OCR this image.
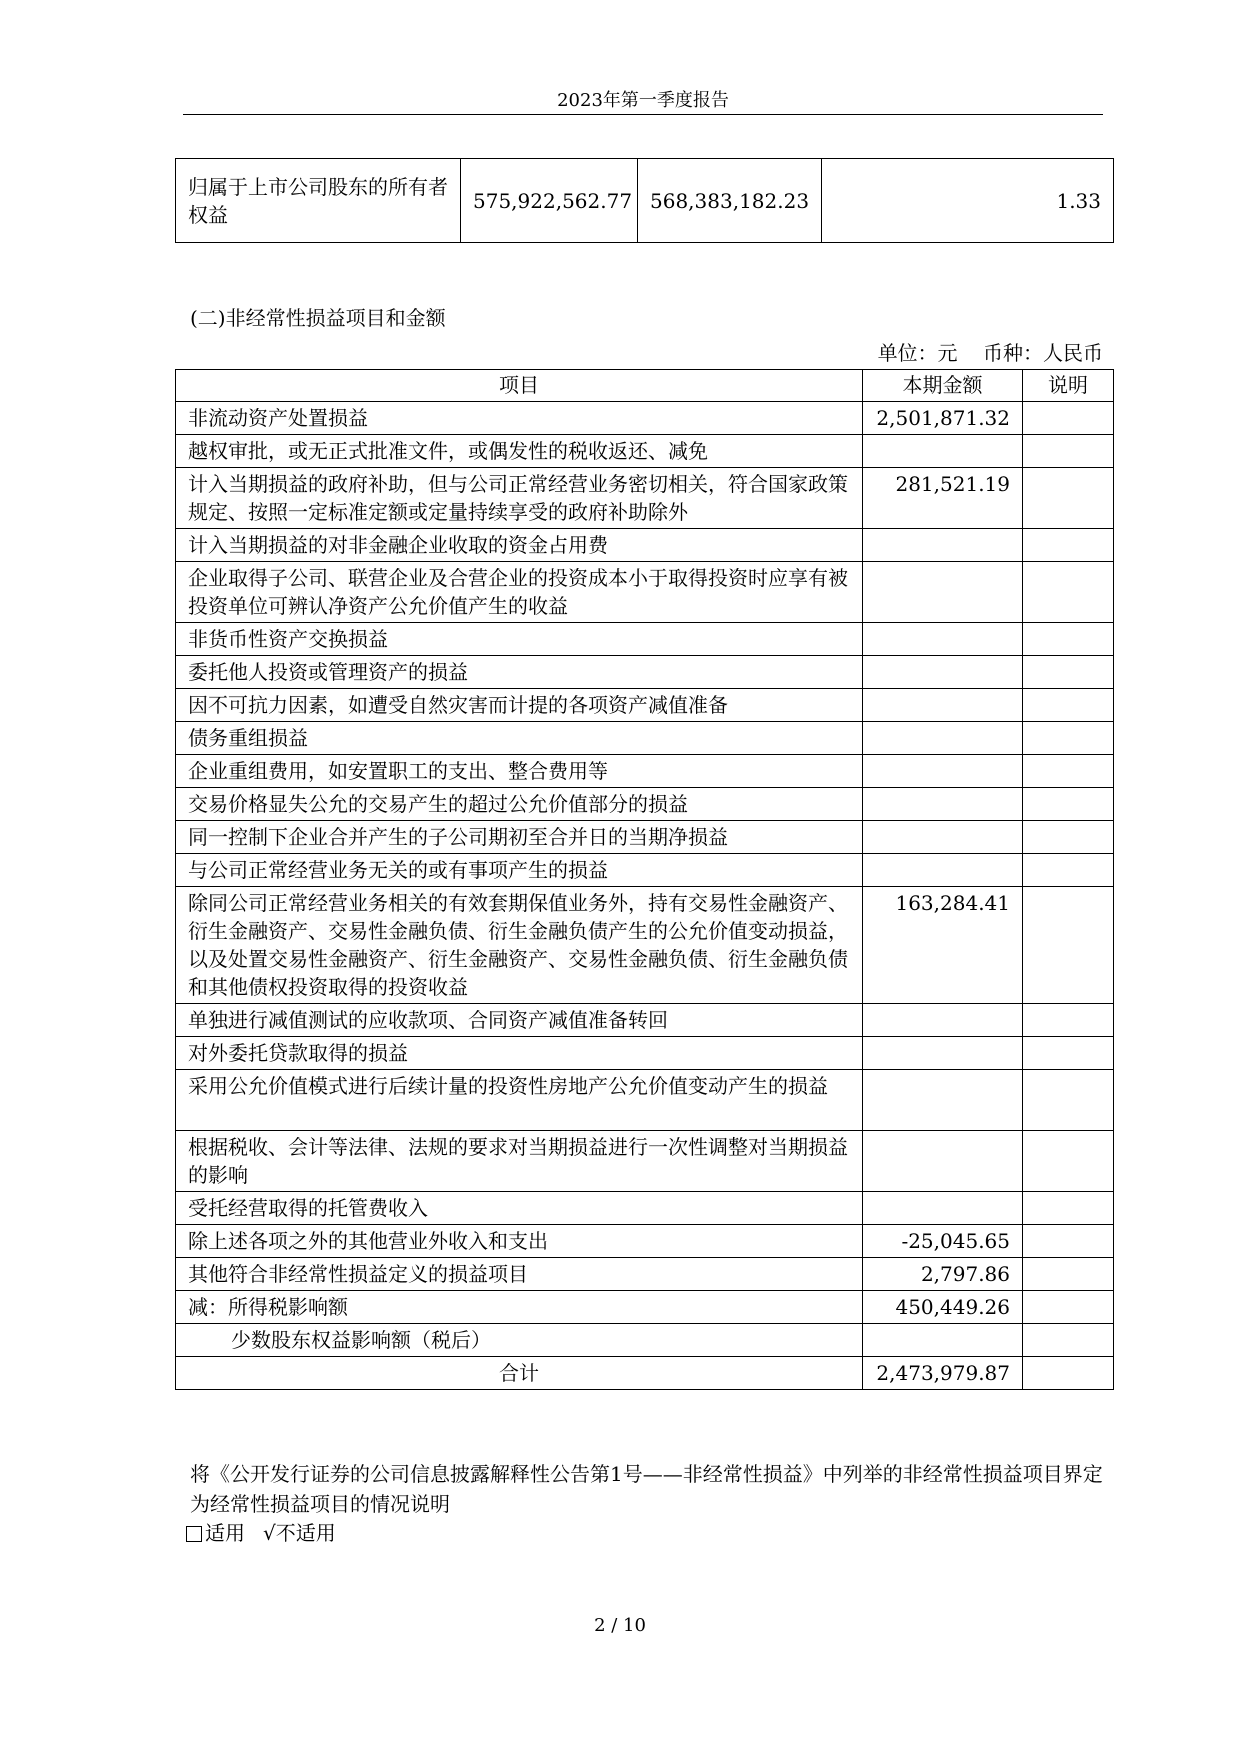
2023年第一季度报告
归属于上市公司股东的所有者权益	575,922,562.77	568,383,182.23	1.33
(二)非经常性损益项目和金额
单位：元    币种：人民币
项目	本期金额	说明
非流动资产处置损益	2,501,871.32	
越权审批，或无正式批准文件，或偶发性的税收返还、减免		
计入当期损益的政府补助，但与公司正常经营业务密切相关，符合国家政策规定、按照一定标准定额或定量持续享受的政府补助除外	281,521.19	
计入当期损益的对非金融企业收取的资金占用费		
企业取得子公司、联营企业及合营企业的投资成本小于取得投资时应享有被投资单位可辨认净资产公允价值产生的收益		
非货币性资产交换损益		
委托他人投资或管理资产的损益		
因不可抗力因素，如遭受自然灾害而计提的各项资产减值准备		
债务重组损益		
企业重组费用，如安置职工的支出、整合费用等		
交易价格显失公允的交易产生的超过公允价值部分的损益		
同一控制下企业合并产生的子公司期初至合并日的当期净损益		
与公司正常经营业务无关的或有事项产生的损益		
除同公司正常经营业务相关的有效套期保值业务外，持有交易性金融资产、衍生金融资产、交易性金融负债、衍生金融负债产生的公允价值变动损益，以及处置交易性金融资产、衍生金融资产、交易性金融负债、衍生金融负债和其他债权投资取得的投资收益	163,284.41	
单独进行减值测试的应收款项、合同资产减值准备转回		
对外委托贷款取得的损益		
采用公允价值模式进行后续计量的投资性房地产公允价值变动产生的损益		
根据税收、会计等法律、法规的要求对当期损益进行一次性调整对当期损益的影响		
受托经营取得的托管费收入		
除上述各项之外的其他营业外收入和支出	-25,045.65	
其他符合非经常性损益定义的损益项目	2,797.86	
减：所得税影响额	450,449.26	
少数股东权益影响额（税后）		
合计	2,473,979.87	
将《公开发行证券的公司信息披露解释性公告第1号——非经常性损益》中列举的非经常性损益项目界定为经常性损益项目的情况说明
适用 √ 不适用
2 / 10
